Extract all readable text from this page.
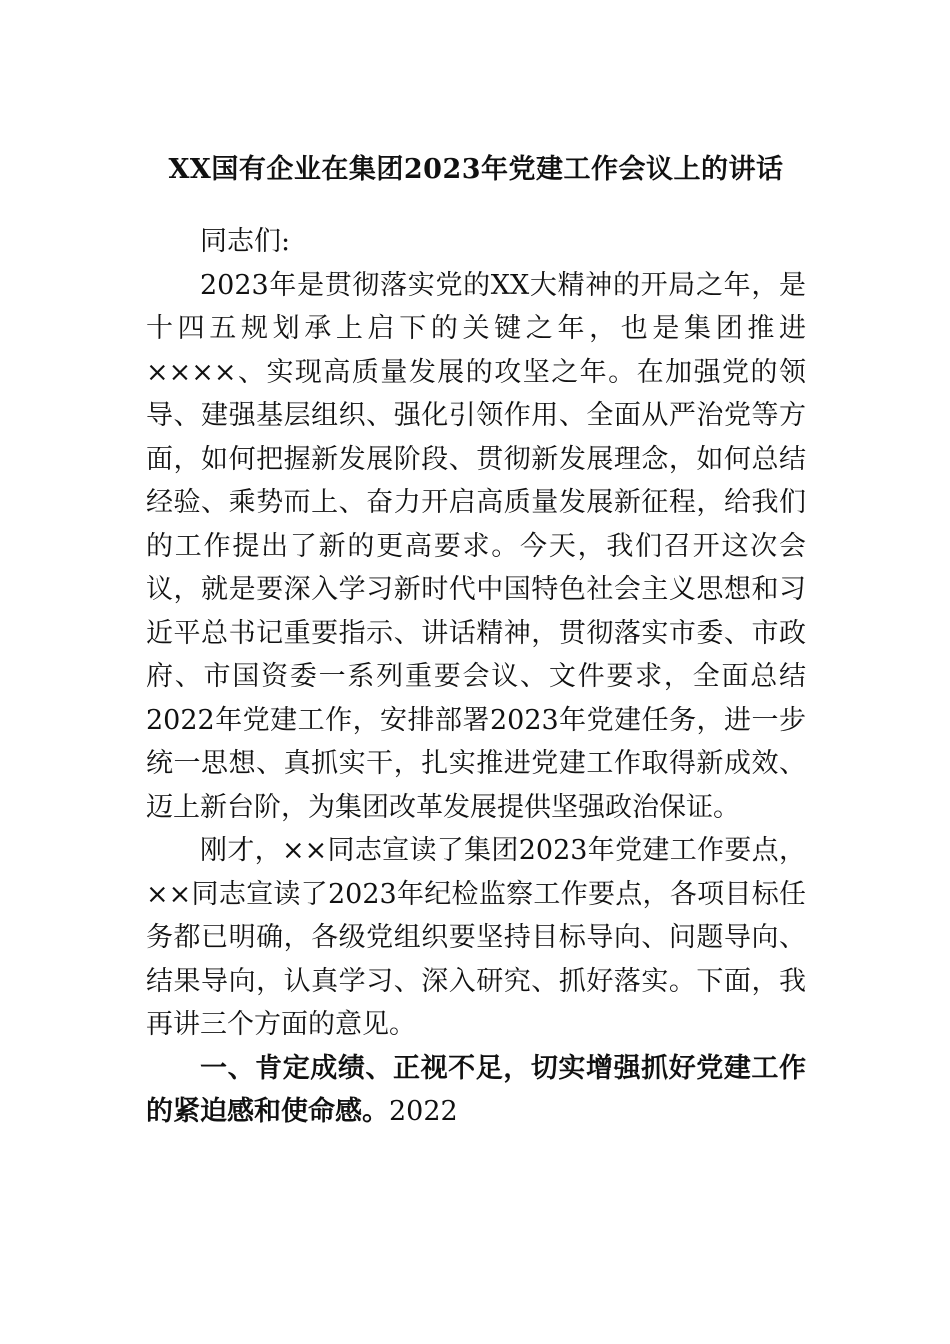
XX国有企业在集团2023年党建工作会议上的讲话

同志们:

2023年是贯彻落实党的XX大精神的开局之年，是十四五规划承上启下的关键之年，也是集团推进××××、实现高质量发展的攻坚之年。在加强党的领导、建强基层组织、强化引领作用、全面从严治党等方面，如何把握新发展阶段、贯彻新发展理念，如何总结经验、乘势而上、奋力开启高质量发展新征程，给我们的工作提出了新的更高要求。今天，我们召开这次会议，就是要深入学习新时代中国特色社会主义思想和习近平总书记重要指示、讲话精神，贯彻落实市委、市政府、市国资委一系列重要会议、文件要求，全面总结2022年党建工作，安排部署2023年党建任务，进一步统一思想、真抓实干，扎实推进党建工作取得新成效、迈上新台阶，为集团改革发展提供坚强政治保证。

刚才，××同志宣读了集团2023年党建工作要点，××同志宣读了2023年纪检监察工作要点，各项目标任务都已明确，各级党组织要坚持目标导向、问题导向、结果导向，认真学习、深入研究、抓好落实。下面，我再讲三个方面的意见。

一、肯定成绩、正视不足，切实增强抓好党建工作的紧迫感和使命感。2022
